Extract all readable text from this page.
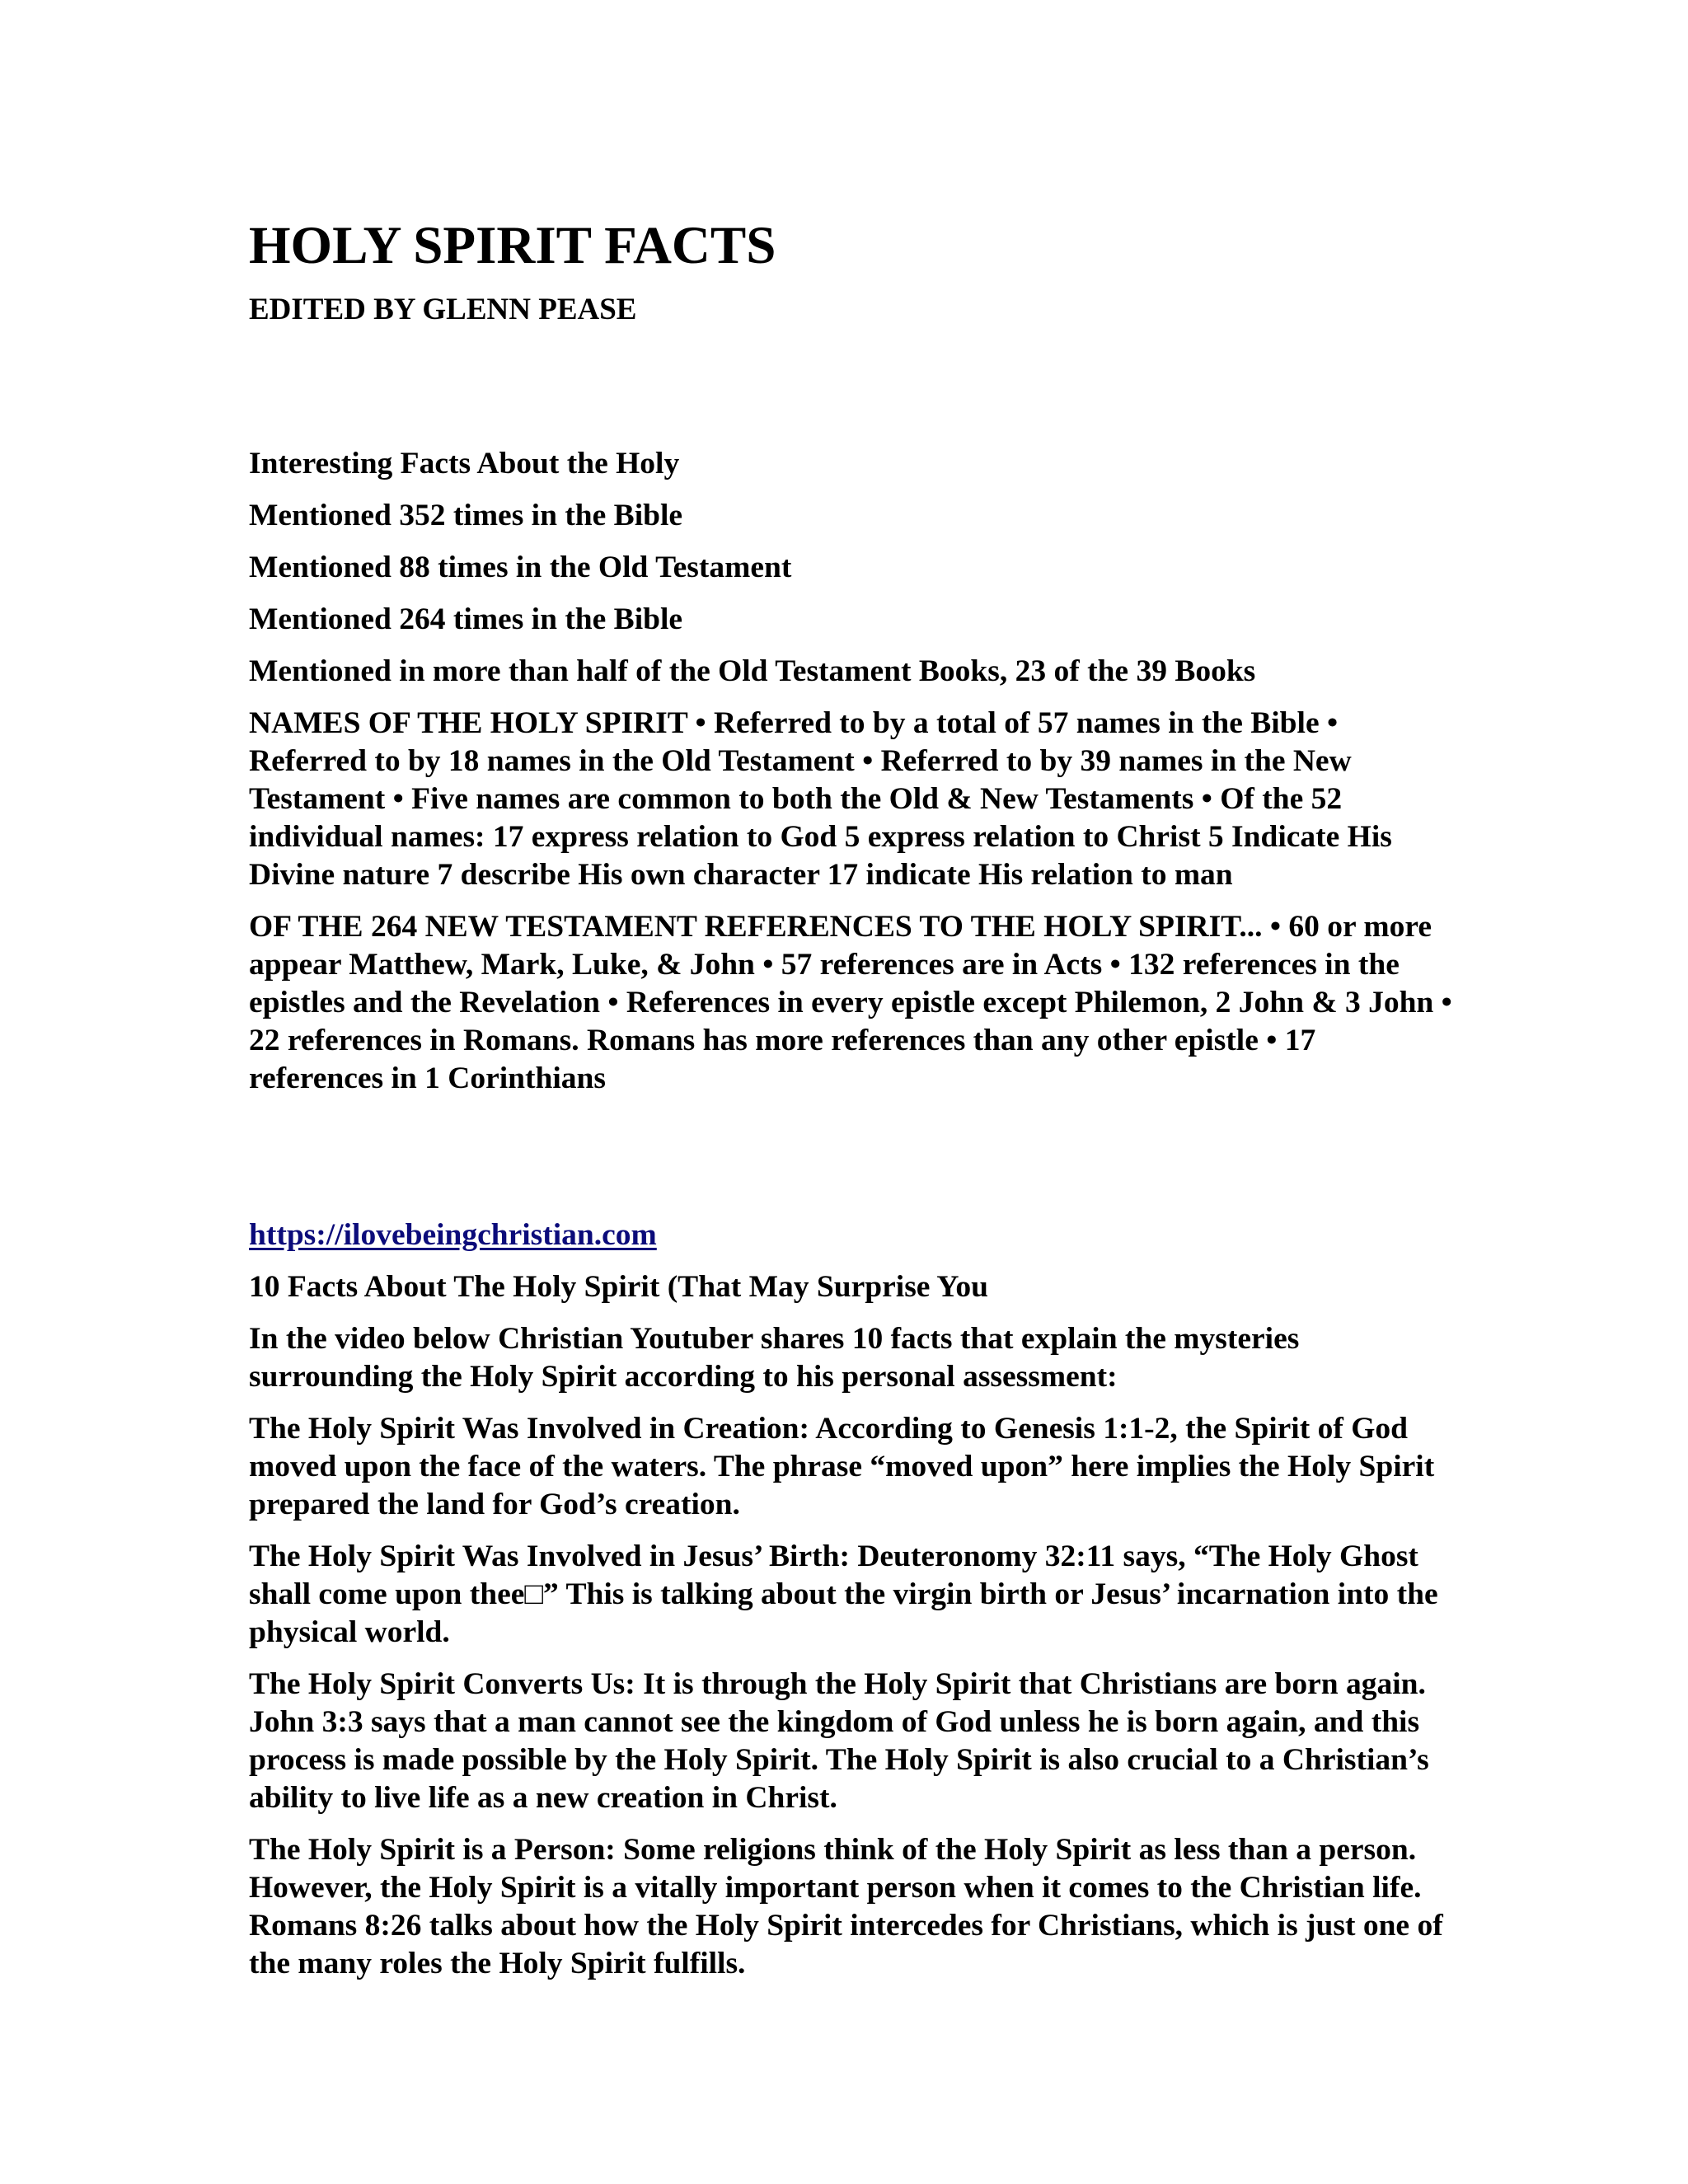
HOLY SPIRIT FACTS
EDITED BY GLENN PEASE

Interesting Facts About the Holy

Mentioned 352 times in the Bible

Mentioned 88 times in the Old Testament

Mentioned 264 times in the Bible

Mentioned in more than half of the Old Testament Books, 23 of the 39 Books

NAMES OF THE HOLY SPIRIT • Referred to by a total of 57 names in the Bible • Referred to by 18 names in the Old Testament • Referred to by 39 names in the New Testament • Five names are common to both the Old & New Testaments • Of the 52 individual names: 17 express relation to God 5 express relation to Christ 5 Indicate His Divine nature 7 describe His own character 17 indicate His relation to man

OF THE 264 NEW TESTAMENT REFERENCES TO THE HOLY SPIRIT... • 60 or more appear Matthew, Mark, Luke, & John • 57 references are in Acts • 132 references in the epistles and the Revelation • References in every epistle except Philemon, 2 John & 3 John • 22 references in Romans. Romans has more references than any other epistle • 17 references in 1 Corinthians

https://ilovebeingchristian.com

10 Facts About The Holy Spirit (That May Surprise You

In the video below Christian Youtuber shares 10 facts that explain the mysteries surrounding the Holy Spirit according to his personal assessment:

The Holy Spirit Was Involved in Creation: According to Genesis 1:1-2, the Spirit of God moved upon the face of the waters. The phrase “moved upon” here implies the Holy Spirit prepared the land for God’s creation.

The Holy Spirit Was Involved in Jesus’ Birth: Deuteronomy 32:11 says, “The Holy Ghost shall come upon thee□” This is talking about the virgin birth or Jesus’ incarnation into the physical world.

The Holy Spirit Converts Us: It is through the Holy Spirit that Christians are born again. John 3:3 says that a man cannot see the kingdom of God unless he is born again, and this process is made possible by the Holy Spirit. The Holy Spirit is also crucial to a Christian’s ability to live life as a new creation in Christ.

The Holy Spirit is a Person: Some religions think of the Holy Spirit as less than a person. However, the Holy Spirit is a vitally important person when it comes to the Christian life. Romans 8:26 talks about how the Holy Spirit intercedes for Christians, which is just one of the many roles the Holy Spirit fulfills.
